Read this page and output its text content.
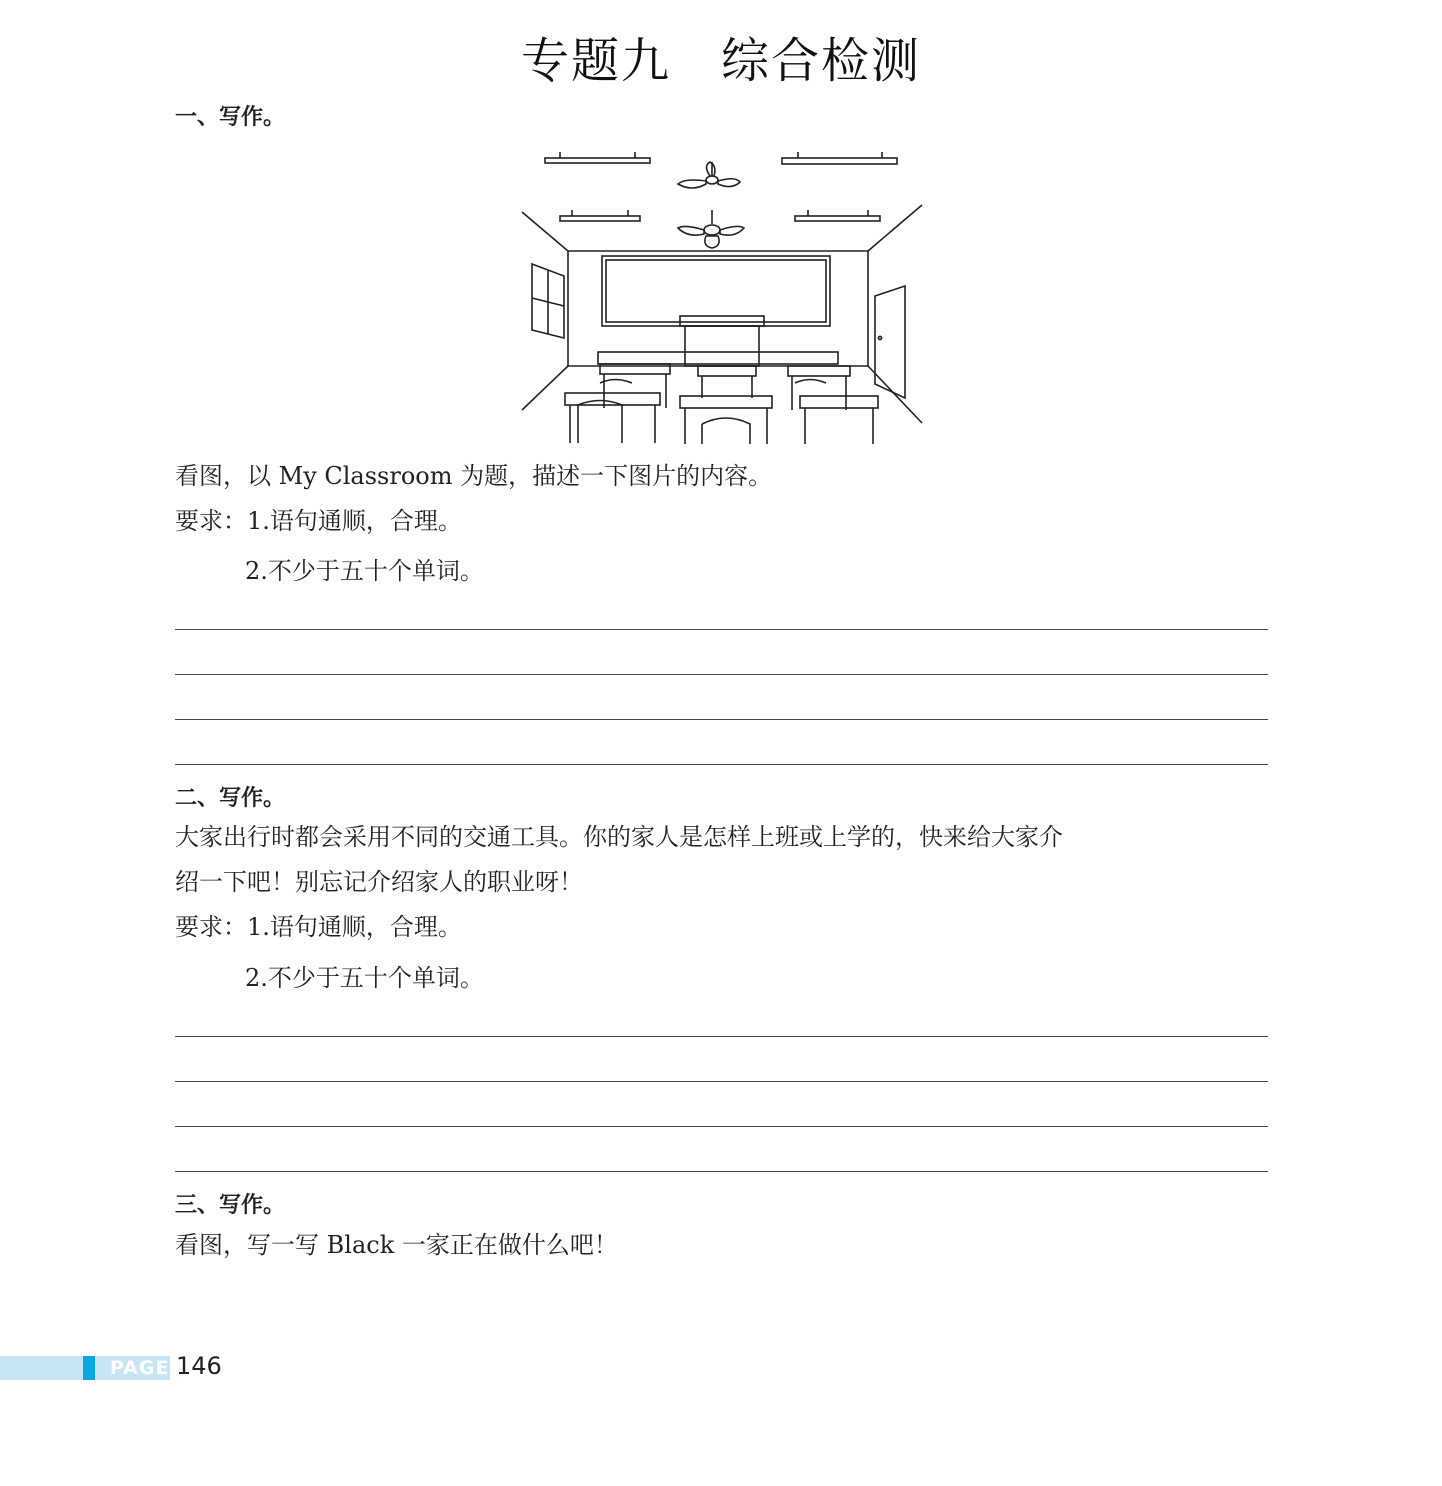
专题九　综合检测
一、写作。
看图，以 My Classroom 为题，描述一下图片的内容。
要求：1.语句通顺，合理。
2.不少于五十个单词。
二、写作。
大家出行时都会采用不同的交通工具。你的家人是怎样上班或上学的，快来给大家介
绍一下吧！别忘记介绍家人的职业呀！
要求：1.语句通顺，合理。
2.不少于五十个单词。
三、写作。
看图，写一写 Black 一家正在做什么吧！
PAGE 146
